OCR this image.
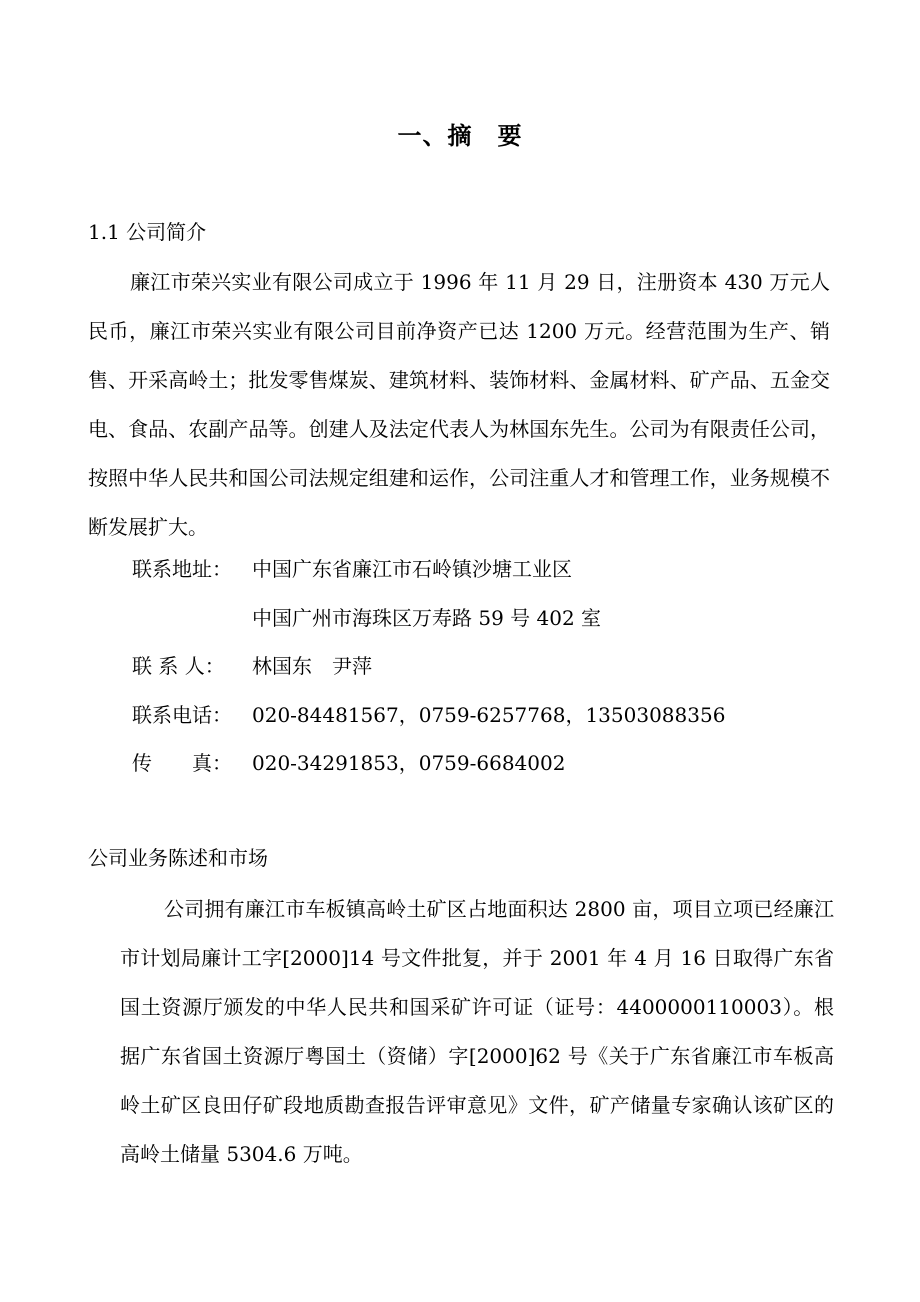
一、摘　要
1.1 公司简介
廉江市荣兴实业有限公司成立于 1996 年 11 月 29 日，注册资本 430 万元人民币，廉江市荣兴实业有限公司目前净资产已达 1200 万元。经营范围为生产、销售、开采高岭土；批发零售煤炭、建筑材料、装饰材料、金属材料、矿产品、五金交电、食品、农副产品等。创建人及法定代表人为林国东先生。公司为有限责任公司，按照中华人民共和国公司法规定组建和运作，公司注重人才和管理工作，业务规模不断发展扩大。
联系地址： 中国广东省廉江市石岭镇沙塘工业区
中国广州市海珠区万寿路 59 号 402 室
联 系 人： 林国东　尹萍
联系电话： 020-84481567，0759-6257768，13503088356
传　　真： 020-34291853，0759-6684002
公司业务陈述和市场
公司拥有廉江市车板镇高岭土矿区占地面积达 2800 亩，项目立项已经廉江市计划局廉计工字[2000]14 号文件批复，并于 2001 年 4 月 16 日取得广东省国土资源厅颁发的中华人民共和国采矿许可证（证号：4400000110003）。根据广东省国土资源厅粤国土（资储）字[2000]62 号《关于广东省廉江市车板高岭土矿区良田仔矿段地质勘查报告评审意见》文件，矿产储量专家确认该矿区的高岭土储量 5304.6 万吨。
